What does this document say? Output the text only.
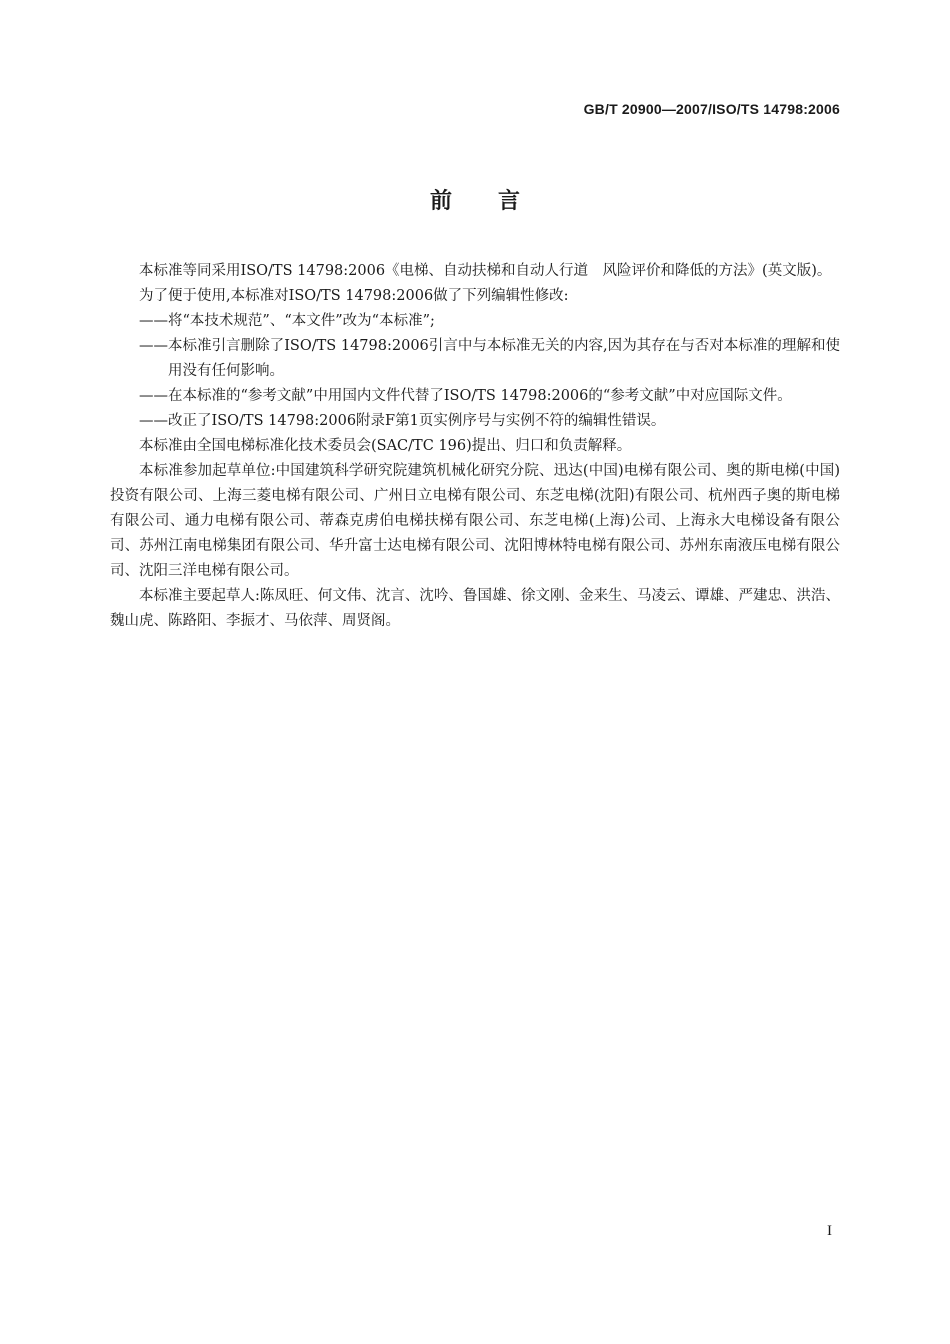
GB/T 20900—2007/ISO/TS 14798:2006
前言

本标准等同采用ISO/TS 14798:2006《电梯、自动扶梯和自动人行道　风险评价和降低的方法》(英文版)。

为了便于使用,本标准对ISO/TS 14798:2006做了下列编辑性修改:

——将“本技术规范”、“本文件”改为“本标准”;

——本标准引言删除了ISO/TS 14798:2006引言中与本标准无关的内容,因为其存在与否对本标准的理解和使用没有任何影响。

——在本标准的“参考文献”中用国内文件代替了ISO/TS 14798:2006的“参考文献”中对应国际文件。

——改正了ISO/TS 14798:2006附录F第1页实例序号与实例不符的编辑性错误。

本标准由全国电梯标准化技术委员会(SAC/TC 196)提出、归口和负责解释。

本标准参加起草单位:中国建筑科学研究院建筑机械化研究分院、迅达(中国)电梯有限公司、奥的斯电梯(中国)投资有限公司、上海三菱电梯有限公司、广州日立电梯有限公司、东芝电梯(沈阳)有限公司、杭州西子奥的斯电梯有限公司、通力电梯有限公司、蒂森克虏伯电梯扶梯有限公司、东芝电梯(上海)公司、上海永大电梯设备有限公司、苏州江南电梯集团有限公司、华升富士达电梯有限公司、沈阳博林特电梯有限公司、苏州东南液压电梯有限公司、沈阳三洋电梯有限公司。

本标准主要起草人:陈凤旺、何文伟、沈言、沈吟、鲁国雄、徐文刚、金来生、马凌云、谭雄、严建忠、洪浩、魏山虎、陈路阳、李振才、马依萍、周贤阁。

I
